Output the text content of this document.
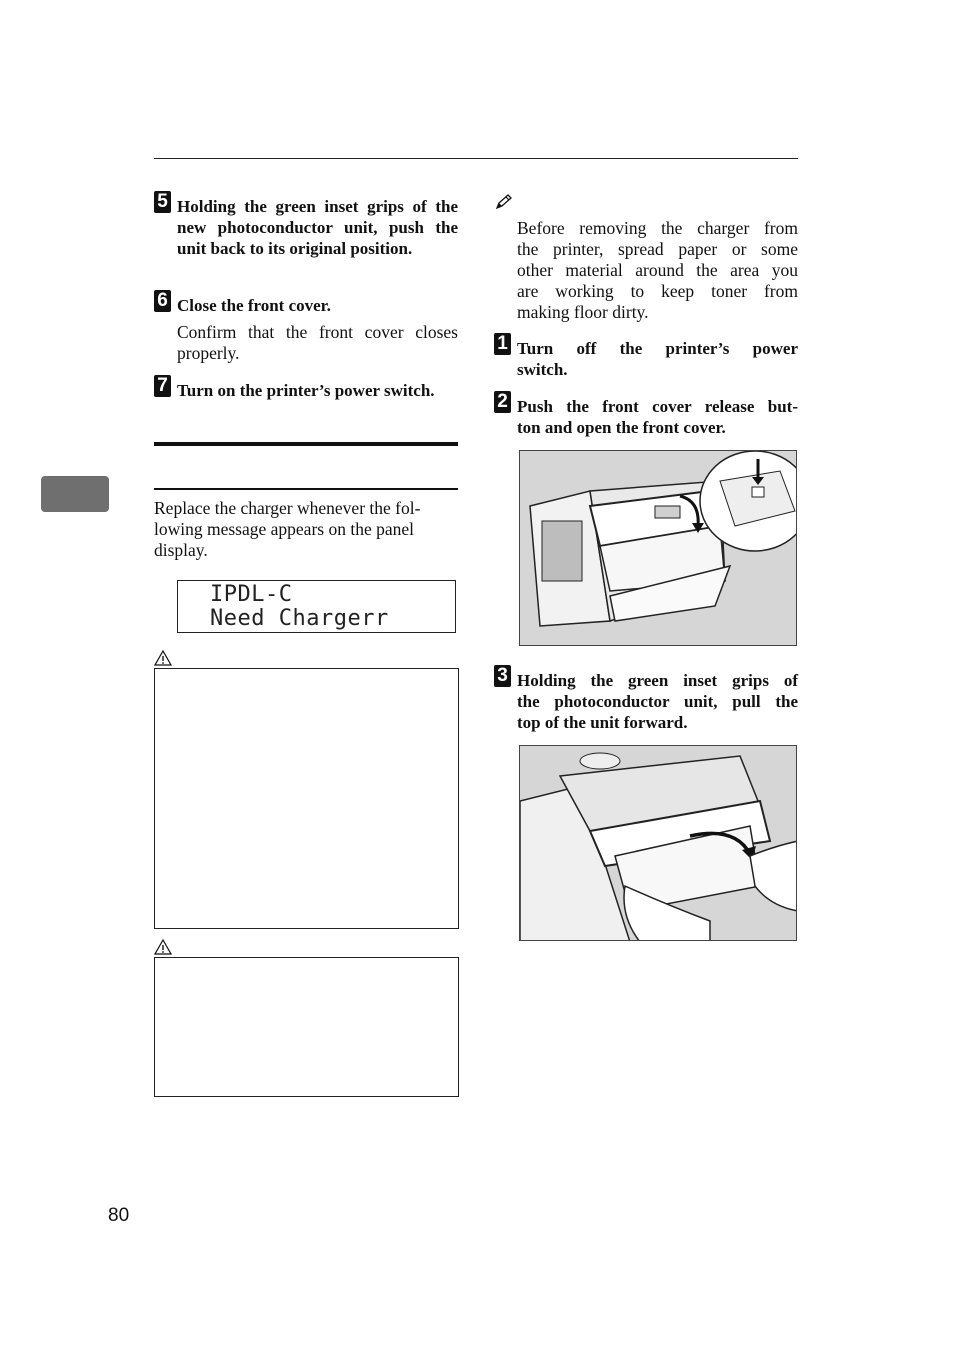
5 Holding the green inset grips of the new photoconductor unit, push the unit back to its original position.
6 Close the front cover.
Confirm that the front cover closes properly.
7 Turn on the printer’s power switch.
Replace the charger whenever the fol-
lowing message appears on the panel
display.
IPDL-C
Need Chargerr
Before removing the charger from
the printer, spread paper or some
other material around the area you
are working to keep toner from
making floor dirty.
1 Turn off the printer’s power
switch.
2 Push the front cover release but-
ton and open the front cover.
3 Holding the green inset grips of
the photoconductor unit, pull the
top of the unit forward.
80
